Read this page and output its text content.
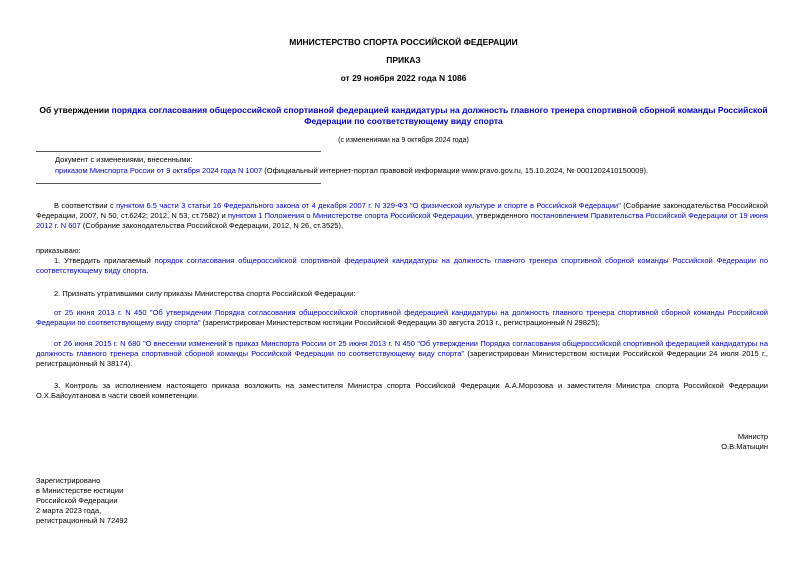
МИНИСТЕРСТВО СПОРТА РОССИЙСКОЙ ФЕДЕРАЦИИ
ПРИКАЗ
от 29 ноября 2022 года N 1086
Об утверждении порядка согласования общероссийской спортивной федерацией кандидатуры на должность главного тренера спортивной сборной команды Российской Федерации по соответствующему виду спорта
(с изменениями на 9 октября 2024 года)
Документ с изменениями, внесенными:
приказом Минспорта России от 9 октября 2024 года N 1007 (Официальный интернет-портал правовой информации www.pravo.gov.ru, 15.10.2024, № 0001202410150009).
В соответствии с пунктом 6.5 части 3 статьи 16 Федерального закона от 4 декабря 2007 г. N 329-ФЗ "О физической культуре и спорте в Российской Федерации" (Собрание законодательства Российской Федерации, 2007, N 50, ст.6242; 2012, N 53, ст.7582) и пунктом 1 Положения о Министерстве спорта Российской Федерации, утвержденного постановлением Правительства Российской Федерации от 19 июня 2012 г. N 607 (Собрание законодательства Российской Федерации, 2012, N 26, ст.3525),
приказываю:
1. Утвердить прилагаемый порядок согласования общероссийской спортивной федерацией кандидатуры на должность главного тренера спортивной сборной команды Российской Федерации по соответствующему виду спорта.
2. Признать утратившими силу приказы Министерства спорта Российской Федерации:
от 25 июня 2013 г. N 450 "Об утверждении Порядка согласования общероссийской спортивной федерацией кандидатуры на должность главного тренера спортивной сборной команды Российской Федерации по соответствующему виду спорта" (зарегистрирован Министерством юстиции Российской Федерации 30 августа 2013 г., регистрационный N 29825);
от 26 июня 2015 г. N 680 "О внесении изменений в приказ Минспорта России от 25 июня 2013 г. N 450 "Об утверждении Порядка согласования общероссийской спортивной федерацией кандидатуры на должность главного тренера спортивной сборной команды Российской Федерации по соответствующему виду спорта" (зарегистрирован Министерством юстиции Российской Федерации 24 июля 2015 г., регистрационный N 38174).
3. Контроль за исполнением настоящего приказа возложить на заместителя Министра спорта Российской Федерации А.А.Морозова и заместителя Министра спорта Российской Федерации О.Х.Байсултанова в части своей компетенции.
Министр
О.В.Матыцин
Зарегистрировано
в Министерстве юстиции
Российской Федерации
2 марта 2023 года,
регистрационный N 72492
